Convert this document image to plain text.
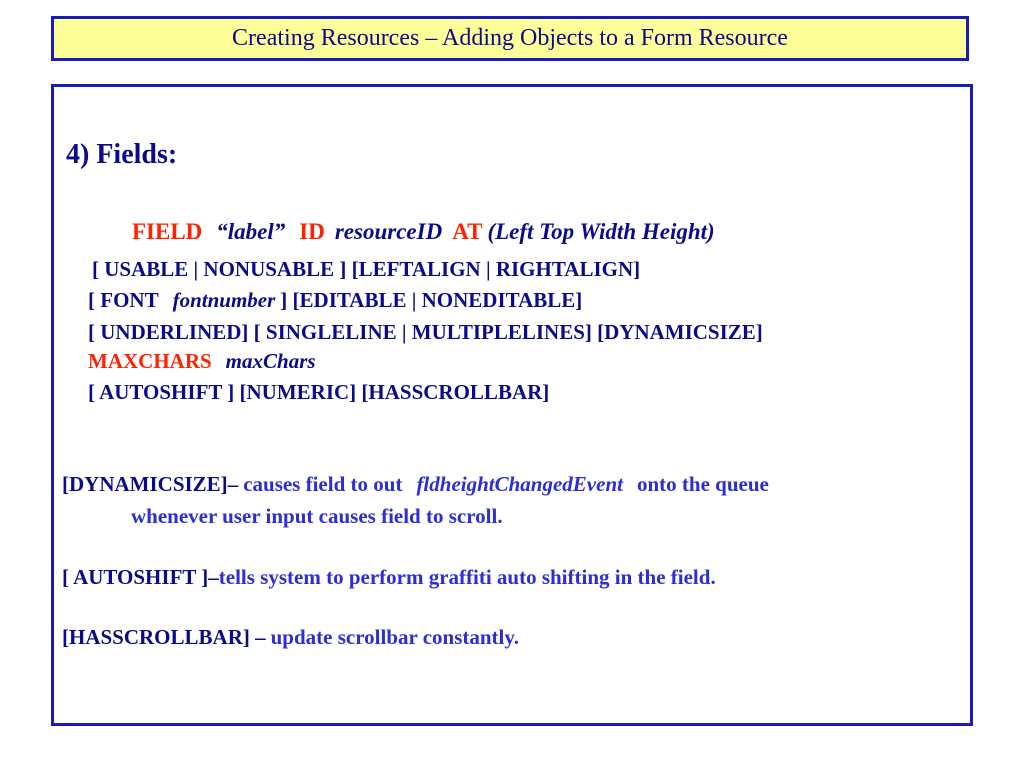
Creating Resources – Adding Objects to a Form Resource
4) Fields:
FIELD “label” ID resourceID AT (Left Top Width Height)
[ USABLE | NONUSABLE ] [LEFTALIGN | RIGHTALIGN]
[ FONT fontnumber ] [EDITABLE | NONEDITABLE]
[ UNDERLINED] [ SINGLELINE | MULTIPLELINES] [DYNAMICSIZE]
MAXCHARS maxChars
[ AUTOSHIFT ] [NUMERIC] [HASSCROLLBAR]
[DYNAMICSIZE]– causes field to out fldheightChangedEvent onto the queue
whenever user input causes field to scroll.
[ AUTOSHIFT ]–tells system to perform graffiti auto shifting in the field.
[HASSCROLLBAR] – update scrollbar constantly.
